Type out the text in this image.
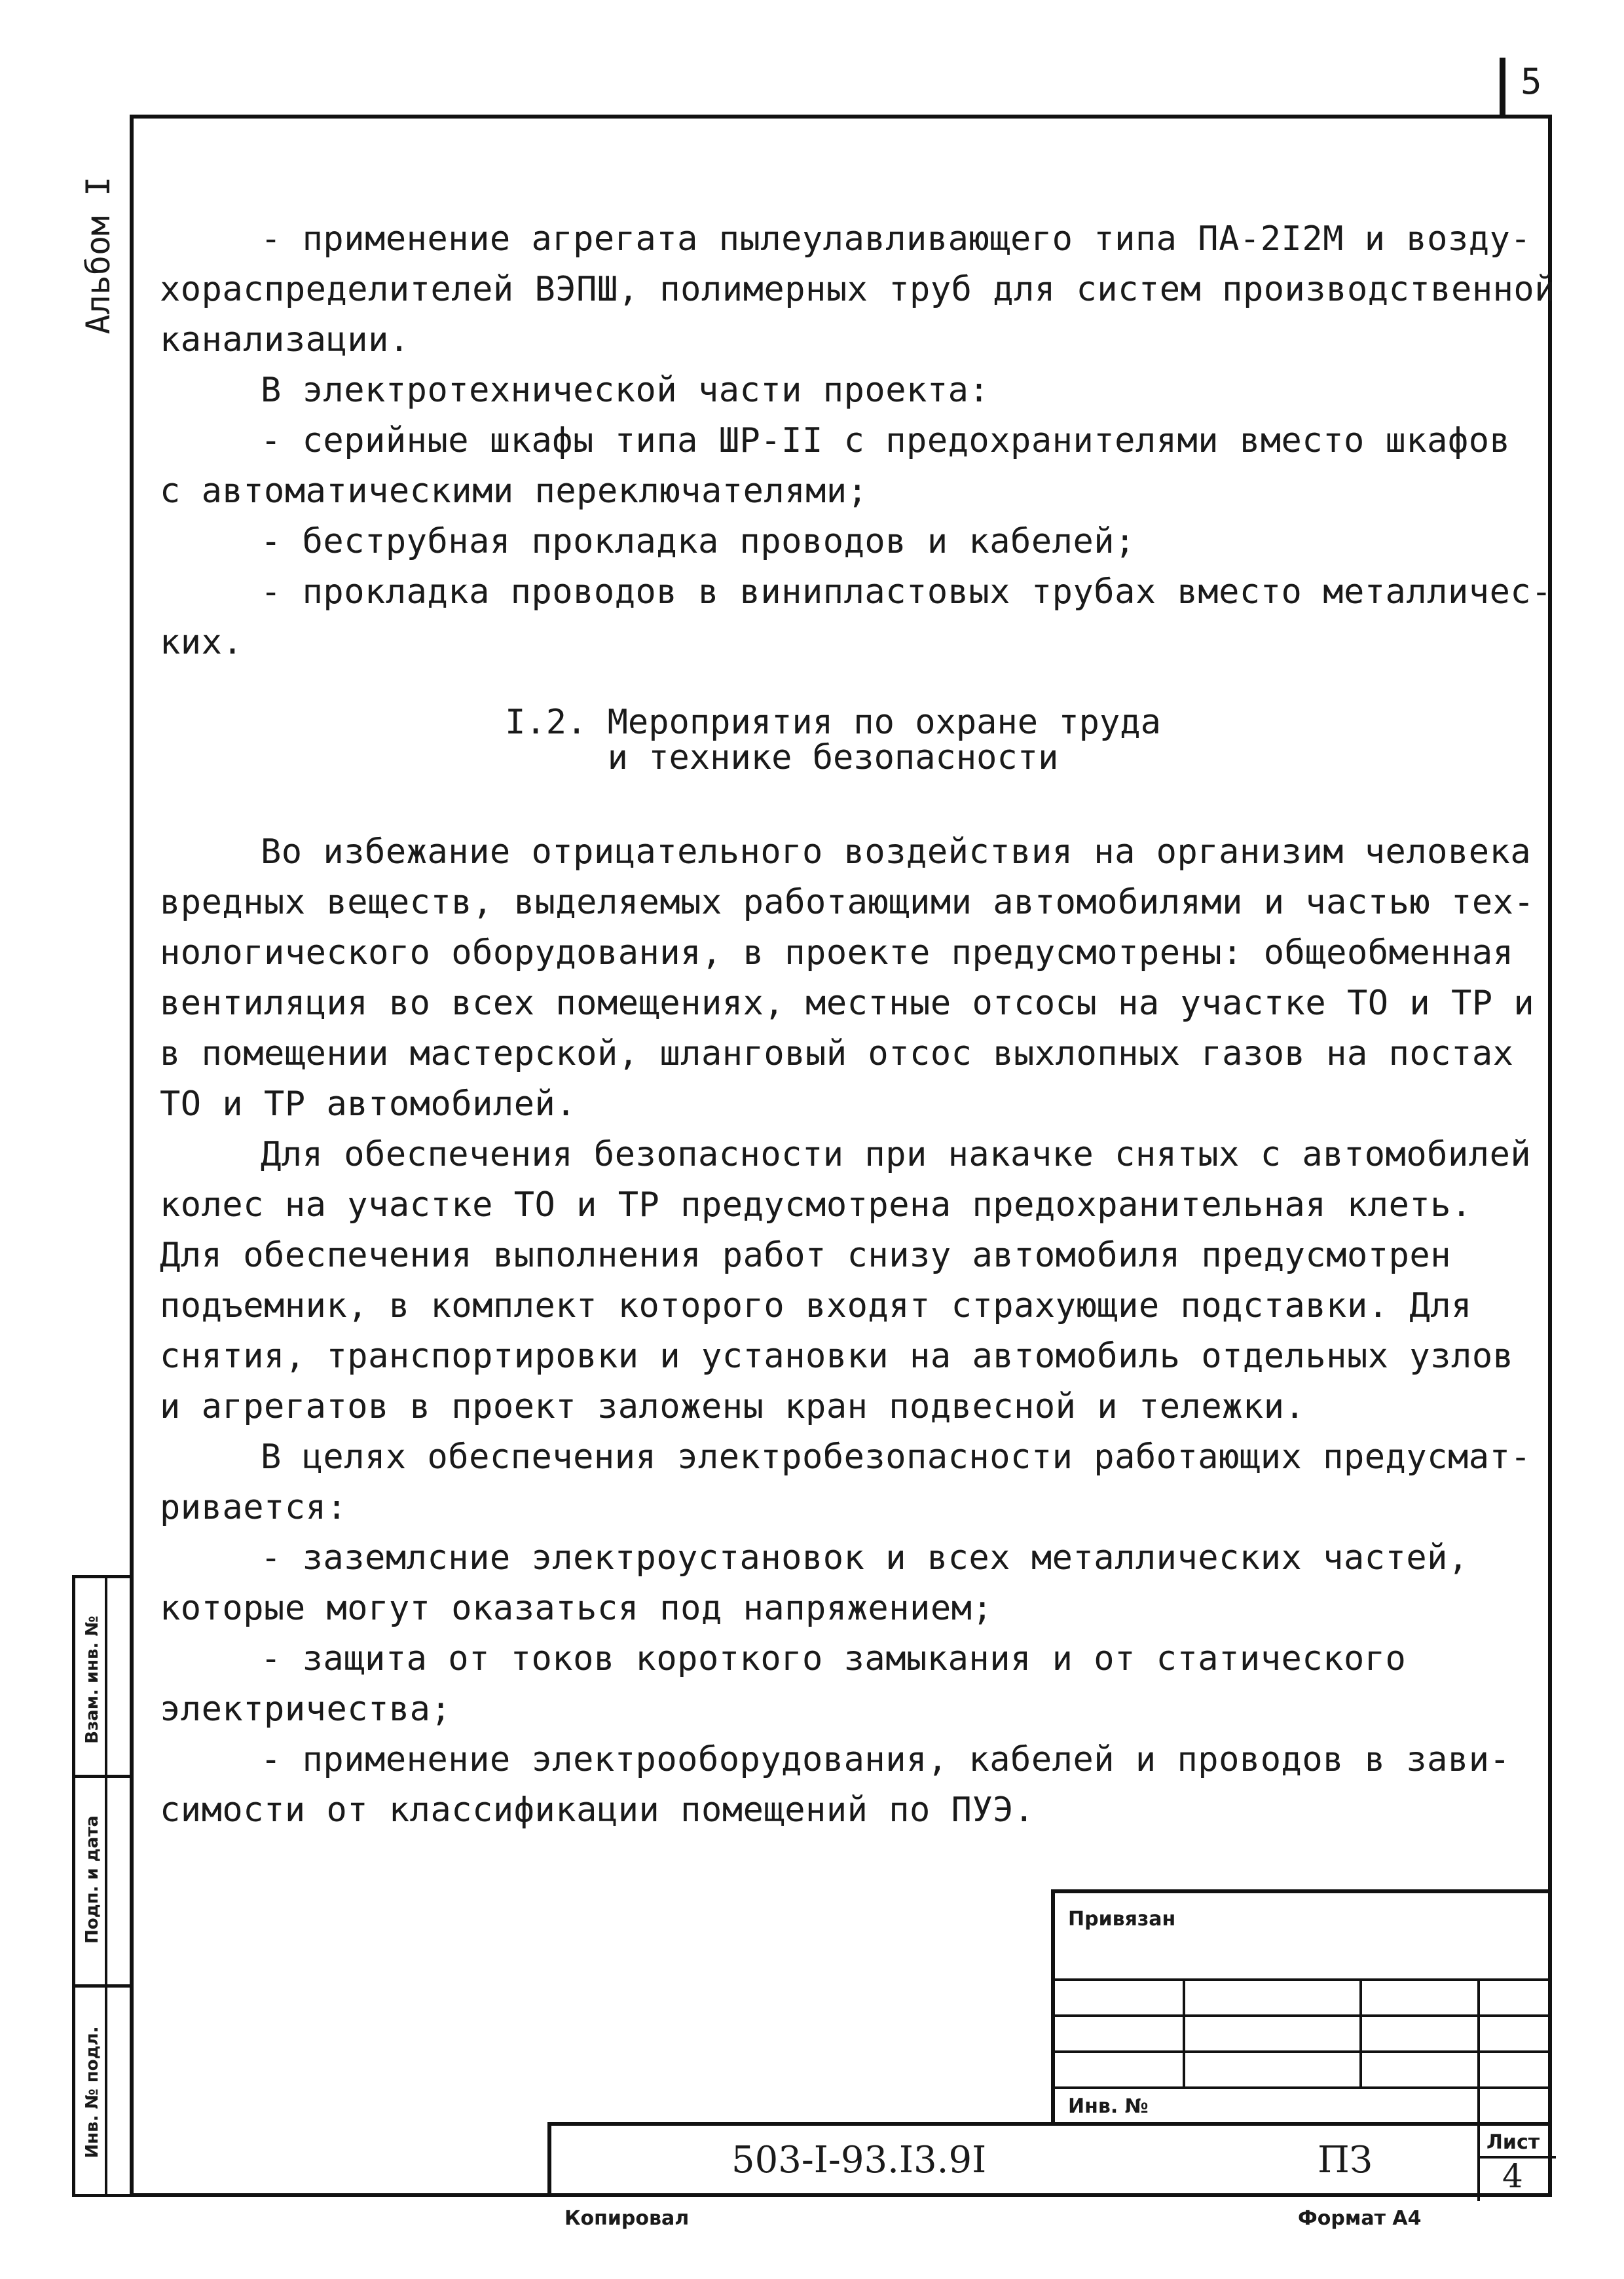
5
Альбом I	- применение агрегата пылеулавливающего типа ПА-2I2М и возду-
хораспределителей ВЭПШ, полимерных труб для систем производственной
канализации.
В электротехнической части проекта:
- серийные шкафы типа ШР-II с предохранителями вместо шкафов
с автоматическими переключателями;
- беструбная прокладка проводов и кабелей;
- прокладка проводов в винипластовых трубах вместо металличес-
ких.
I.2. Мероприятия по охране труда
и технике безопасности
Во избежание отрицательного воздействия на организим человека
вредных веществ, выделяемых работающими автомобилями и частью тех-
нологического оборудования, в проекте предусмотрены: общеобменная
вентиляция во всех помещениях, местные отсосы на участке ТО и ТР и
в помещении мастерской, шланговый отсос выхлопных газов на постах
ТО и ТР автомобилей.
Для обеспечения безопасности при накачке снятых с автомобилей
колес на участке ТО и ТР предусмотрена предохранительная клеть.
Для обеспечения выполнения работ снизу автомобиля предусмотрен
подъемник, в комплект которого входят страхующие подставки. Для
снятия, транспортировки и установки на автомобиль отдельных узлов
и агрегатов в проект заложены кран подвесной и тележки.
В целях обеспечения электробезопасности работающих предусмат-
ривается:
- заземлсние электроустановок и всех металлических частей,
которые могут оказаться под напряжением;
- защита от токов короткого замыкания и от статического
электричества;
- применение электрооборудования, кабелей и проводов в зави-
симости от классификации помещений по ПУЭ.
Взам. инв. №
Подп. и дата
Инв. № подл.
Привязан
Инв. №
503-I-93.I3.9I	ПЗ	Лист
4
Копировал	Формат А4
